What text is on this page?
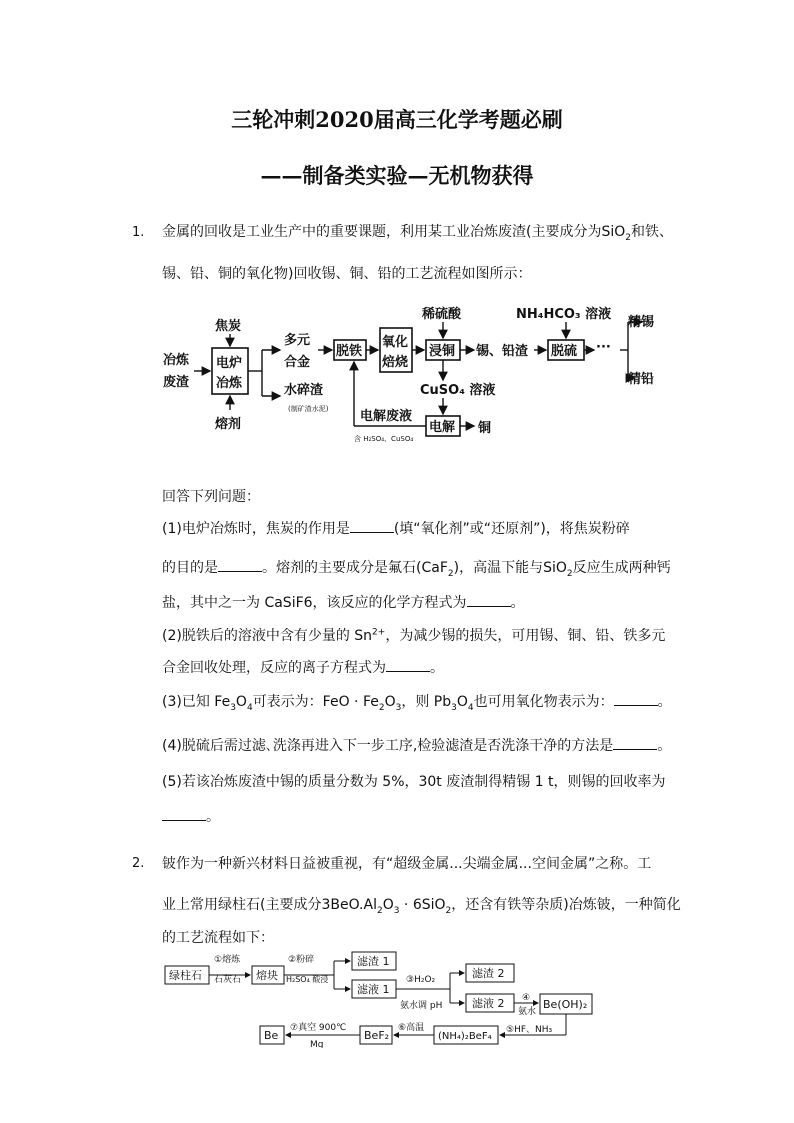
三轮冲刺2020届高三化学考题必刷
——制备类实验—无机物获得
1. 金属的回收是工业生产中的重要课题，利用某工业冶炼废渣(主要成分为SiO$_2$和铁、
锡、铅、铜的氧化物)回收锡、铜、铅的工艺流程如图所示：
冶炼
废渣
焦炭
熔剂
电炉
冶炼
多元
合金
水碎渣
脱铁
氧化
焙烧
稀硫酸
浸铜 锡、铅渣
NH₄HCO₃ 溶液
脱硫 ···
精锡
精铅
CuSO₄ 溶液
电解废液
电解 铜
(制矿渣水泥)
含 H₂SO₄、CuSO₄
回答下列问题：
(1)电炉冶炼时，焦炭的作用是	(填“氧化剂”或“还原剂”)，将焦炭粉碎
的目的是	。熔剂的主要成分是氟石(CaF$_2$)，高温下能与SiO$_2$反应生成两种钙
盐，其中之一为 CaSiF6，该反应的化学方程式为	。
(2)脱铁后的溶液中含有少量的 $Sn^{2+}$，为减少锡的损失，可用锡、铜、铅、铁多元
合金回收处理，反应的离子方程式为	。
(3)已知 $Fe_3O_4$可表示为：FeO · $Fe_2O_3$，则 $Pb_3O_4$也可用氧化物表示为：	。
(4)脱硫后需过滤､洗涤再进入下一步工序,检验滤渣是否洗涤干净的方法是	。
(5)若该冶炼废渣中锡的质量分数为 5%，30t 废渣制得精锡 1 t，则锡的回收率为
。
2. 铍作为一种新兴材料日益被重视，有“超级金属...尖端金属...空间金属”之称。工
业上常用绿柱石(主要成分$3BeO.Al_2O_3 \cdot 6SiO_2$，还含有铁等杂质)冶炼铍，一种简化
的工艺流程如下：
绿柱石
①熔炼
石灰石 熔块
②粉碎
H₂SO₄ 酸浸
滤渣 1
滤液 1
③H₂O₂
氨水调 pH
滤渣 2
滤液 2 ④
氨水
Be(OH)₂
⑤HF、NH₃
(NH₄)₂BeF₄
⑥高温
BeF₂
⑦真空 900℃
Mg
Be
